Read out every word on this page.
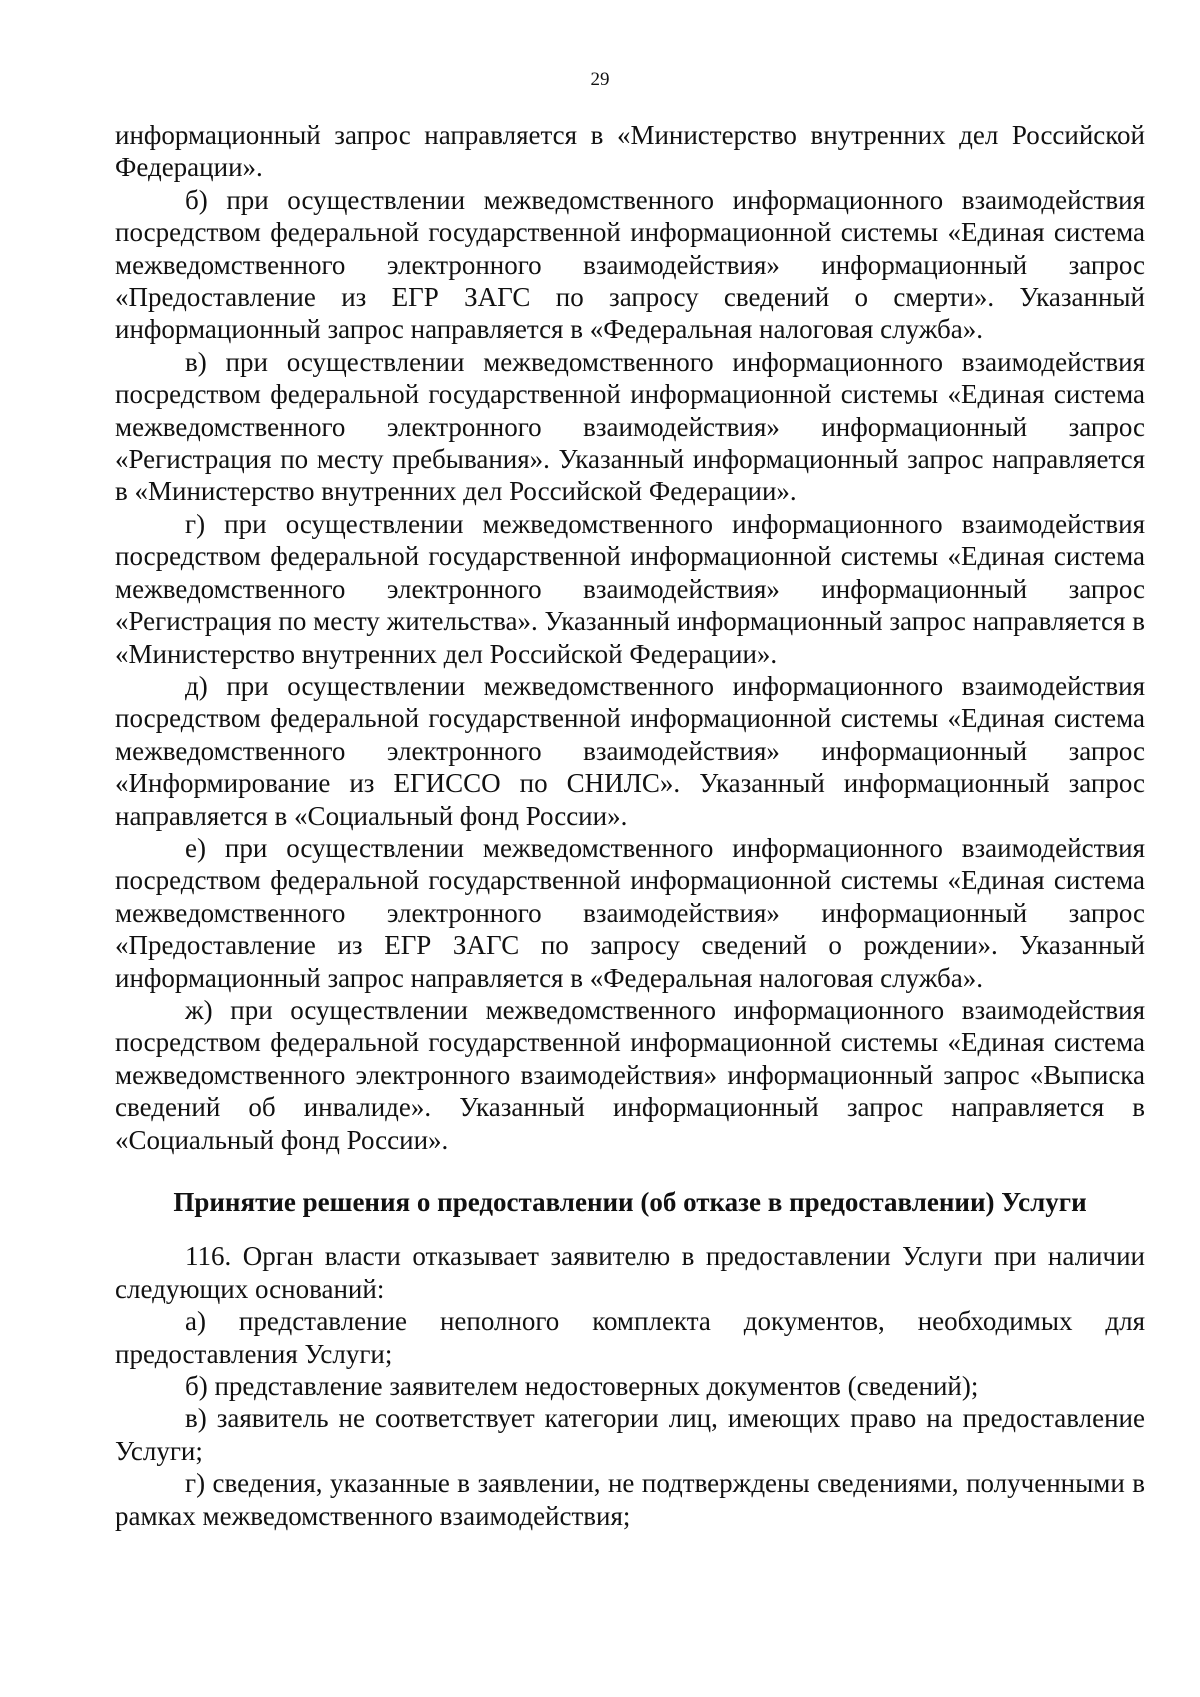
29

информационный запрос направляется в «Министерство внутренних дел Российской Федерации».

б) при осуществлении межведомственного информационного взаимодействия посредством федеральной государственной информационной системы «Единая система межведомственного электронного взаимодействия» информационный запрос «Предоставление из ЕГР ЗАГС по запросу сведений о смерти». Указанный информационный запрос направляется в «Федеральная налоговая служба».

в) при осуществлении межведомственного информационного взаимодействия посредством федеральной государственной информационной системы «Единая система межведомственного электронного взаимодействия» информационный запрос «Регистрация по месту пребывания». Указанный информационный запрос направляется в «Министерство внутренних дел Российской Федерации».

г) при осуществлении межведомственного информационного взаимодействия посредством федеральной государственной информационной системы «Единая система межведомственного электронного взаимодействия» информационный запрос «Регистрация по месту жительства». Указанный информационный запрос направляется в «Министерство внутренних дел Российской Федерации».

д) при осуществлении межведомственного информационного взаимодействия посредством федеральной государственной информационной системы «Единая система межведомственного электронного взаимодействия» информационный запрос «Информирование из ЕГИССО по СНИЛС». Указанный информационный запрос направляется в «Социальный фонд России».

е) при осуществлении межведомственного информационного взаимодействия посредством федеральной государственной информационной системы «Единая система межведомственного электронного взаимодействия» информационный запрос «Предоставление из ЕГР ЗАГС по запросу сведений о рождении». Указанный информационный запрос направляется в «Федеральная налоговая служба».

ж) при осуществлении межведомственного информационного взаимодействия посредством федеральной государственной информационной системы «Единая система межведомственного электронного взаимодействия» информационный запрос «Выписка сведений об инвалиде». Указанный информационный запрос направляется в «Социальный фонд России».

Принятие решения о предоставлении (об отказе в предоставлении) Услуги

116. Орган власти отказывает заявителю в предоставлении Услуги при наличии следующих оснований:

а) представление неполного комплекта документов, необходимых для предоставления Услуги;

б) представление заявителем недостоверных документов (сведений);

в) заявитель не соответствует категории лиц, имеющих право на предоставление Услуги;

г) сведения, указанные в заявлении, не подтверждены сведениями, полученными в рамках межведомственного взаимодействия;
